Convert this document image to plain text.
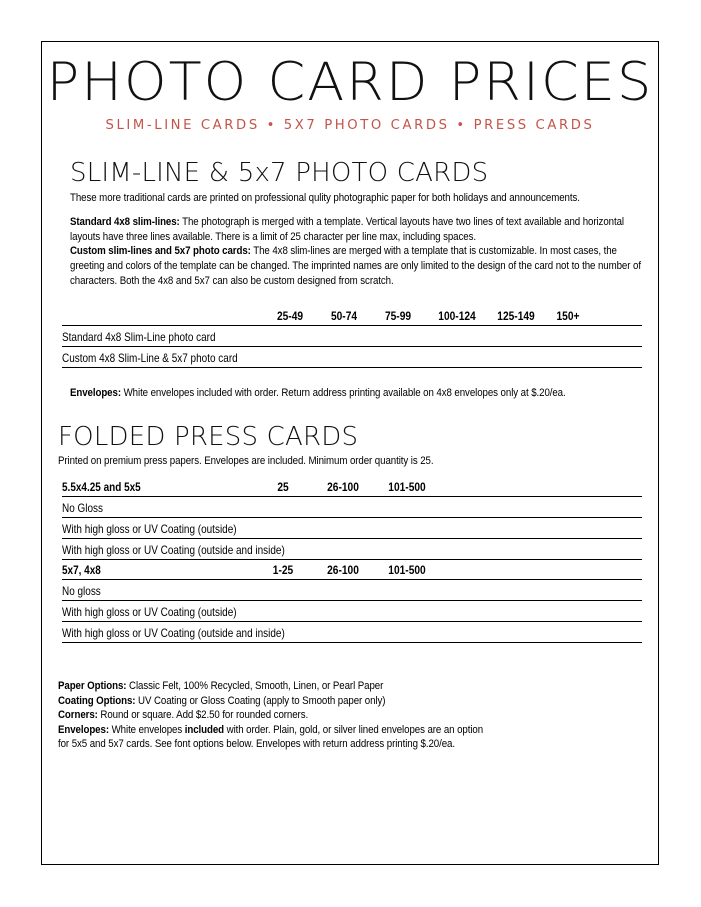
PHOTO CARD PRICES
SLIM-LINE CARDS • 5X7 PHOTO CARDS • PRESS CARDS
SLIM-LINE & 5x7 PHOTO CARDS
These more traditional cards are printed on professional qulity photographic paper for both holidays and announcements.
Standard 4x8 slim-lines: The photograph is merged with a template. Vertical layouts have two lines of text available and horizontal layouts have three lines available. There is a limit of 25 character per line max, including spaces.
Custom slim-lines and 5x7 photo cards: The 4x8 slim-lines are merged with a template that is customizable. In most cases, the greeting and colors of the template can be changed. The imprinted names are only limited to the design of the card not to the number of characters. Both the 4x8 and 5x7 can also be custom designed from scratch.

	25-49	50-74	75-99	100-124	125-149	150+	

Standard 4x8 Slim-Line photo card							

Custom 4x8 Slim-Line & 5x7 photo card							

Envelopes: White envelopes included with order. Return address printing available on 4x8 envelopes only at $.20/ea.
FOLDED PRESS CARDS
Printed on premium press papers. Envelopes are included. Minimum order quantity is 25.
5.5x4.25 and 5x5	25	26-100	101-500	

No Gloss				

With high gloss or UV Coating (outside)				

With high gloss or UV Coating (outside and inside)				

5x7, 4x8	1-25	26-100	101-500	

No gloss				

With high gloss or UV Coating (outside)				

With high gloss or UV Coating (outside and inside)				

Paper Options: Classic Felt, 100% Recycled, Smooth, Linen, or Pearl Paper
Coating Options: UV Coating or Gloss Coating (apply to Smooth paper only)
Corners: Round or square. Add $2.50 for rounded corners.
Envelopes: White envelopes included with order. Plain, gold, or silver lined envelopes are an option
for 5x5 and 5x7 cards. See font options below. Envelopes with return address printing $.20/ea.
